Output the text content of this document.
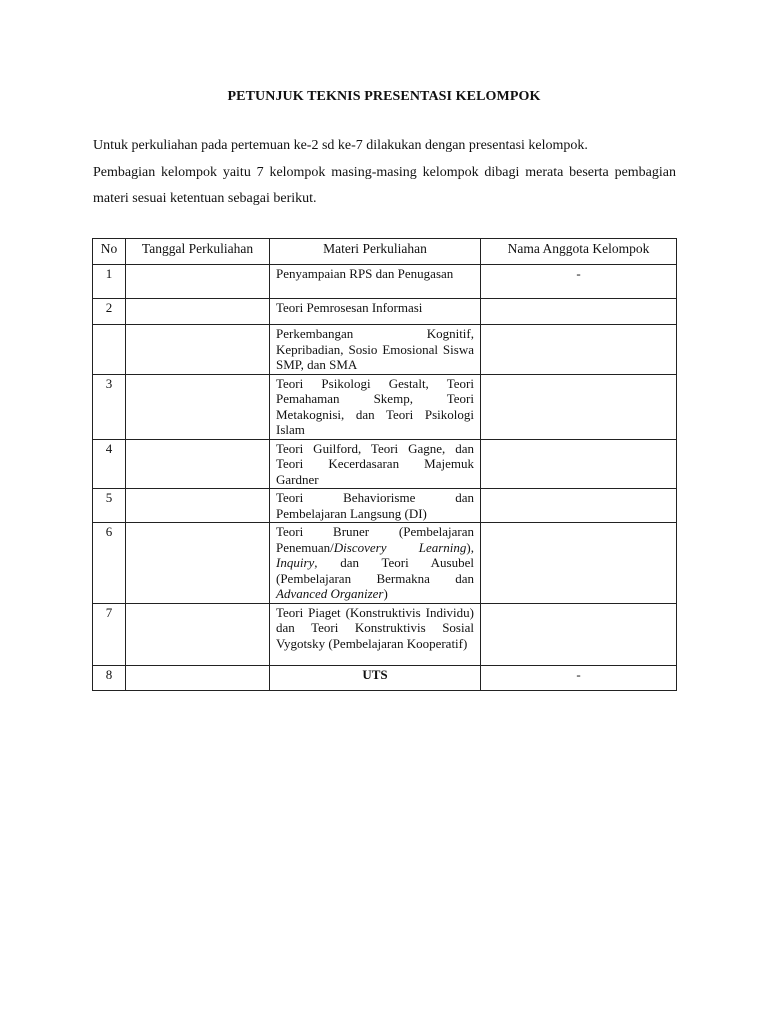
PETUNJUK TEKNIS PRESENTASI KELOMPOK

Untuk perkuliahan pada pertemuan ke-2 sd ke-7 dilakukan dengan presentasi kelompok.

Pembagian kelompok yaitu 7 kelompok masing-masing kelompok dibagi merata beserta pembagian materi sesuai ketentuan sebagai berikut.

No	Tanggal Perkuliahan	Materi Perkuliahan	Nama Anggota Kelompok
1		Penyampaian RPS dan Penugasan	-
2		Teori Pemrosesan Informasi	
		Perkembangan Kognitif, Kepribadian, Sosio Emosional Siswa SMP, dan SMA	
3		Teori Psikologi Gestalt, Teori Pemahaman Skemp, Teori Metakognisi, dan Teori Psikologi Islam	
4		Teori Guilford, Teori Gagne, dan Teori Kecerdasaran Majemuk Gardner	
5		Teori Behaviorisme dan Pembelajaran Langsung (DI)	
6		Teori Bruner (Pembelajaran Penemuan/Discovery Learning), Inquiry, dan Teori Ausubel (Pembelajaran Bermakna dan Advanced Organizer)	
7		Teori Piaget (Konstruktivis Individu) dan Teori Konstruktivis Sosial Vygotsky (Pembelajaran Kooperatif)	
8		UTS	-
